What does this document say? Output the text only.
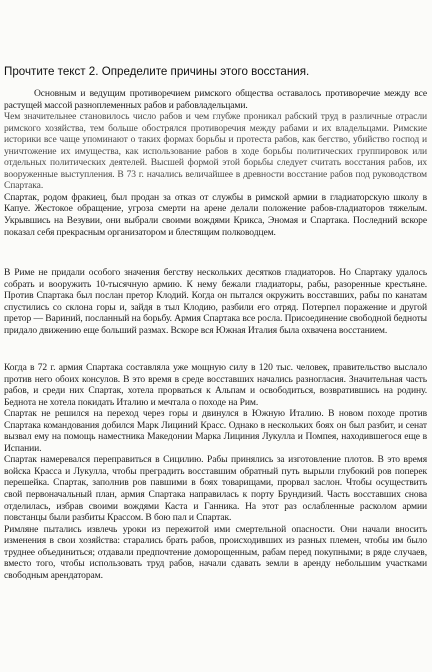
Прочтите текст 2. Определите причины этого восстания.

Основным и ведущим противоречием римского общества оставалось противоречие между все растущей массой разноплеменных рабов и рабовладельцами.

Чем значительнее становилось число рабов и чем глубже проникал рабский труд в различные отрасли римского хозяйства, тем больше обострялся противоречия между рабами и их владельцами. Римские историки все чаще упоминают о таких формах борьбы и протеста рабов, как бегство, убийство господ и уничтожение их имущества, как использование рабов в ходе борьбы политических группировок или отдельных политических деятелей. Высшей формой этой борьбы следует считать восстания рабов, их вооруженные выступления. В 73 г. начались величайшее в древности восстание рабов под руководством Спартака.

Спартак, родом фракиец, был продан за отказ от службы в римской армии в гладиаторскую школу в Капуе. Жестокое обращение, угроза смерти на арене делали положение рабов-гладиаторов тяжелым. Укрывшись на Везувии, они выбрали своими вождями Крикса, Эномая и Спартака. Последний вскоре показал себя прекрасным организатором и блестящим полководцем.

В Риме не придали особого значения бегству нескольких десятков гладиаторов. Но Спартаку удалось собрать и вооружить 10-тысячную армию. К нему бежали гладиаторы, рабы, разоренные крестьяне. Против Спартака был послан претор Клодий. Когда он пытался окружить восставших, рабы по канатам спустились со склона горы и, зайдя в тыл Клодию, разбили его отряд. Потерпел поражение и другой претор — Вариний, посланный на борьбу. Армия Спартака все росла. Присоединение свободной бедноты придало движению еще больший размах. Вскоре вся Южная Италия была охвачена восстанием.

Когда в 72 г. армия Спартака составляла уже мощную силу в 120 тыс. человек, правительство выслало против него обоих консулов. В это время в среде восставших начались разногласия. Значительная часть рабов, и среди них Спартак, хотела прорваться к Альпам и освободиться, возвратившись на родину. Беднота не хотела покидать Италию и мечтала о походе на Рим.

Спартак не решился на переход через горы и двинулся в Южную Италию. В новом походе против Спартака командования добился Марк Лициний Красс. Однако в нескольких боях он был разбит, и сенат вызвал ему на помощь наместника Македонии Марка Лициния Лукулла и Помпея, находившегося еще в Испании.

Спартак намеревался переправиться в Сицилию. Рабы принялись за изготовление плотов. В это время войска Красса и Лукулла, чтобы преградить восставшим обратный путь вырыли глубокий ров поперек перешейка. Спартак, заполнив ров павшими в боях товарищами, прорвал заслон. Чтобы осуществить свой первоначальный план, армия Спартака направилась к порту Брундизий. Часть восставших снова отделилась, избрав своими вождями Каста и Ганника. На этот раз ослабленные расколом армии повстанцы были разбиты Крассом. В бою пал и Спартак.

Римляне пытались извлечь уроки из пережитой ими смертельной опасности. Они начали вносить изменения в свои хозяйства: старались брать рабов, происходивших из разных племен, чтобы им было труднее объединиться; отдавали предпочтение доморощенным, рабам перед покупными; в ряде случаев, вместо того, чтобы использовать труд рабов, начали сдавать земли в аренду небольшим участками свободным арендаторам.
